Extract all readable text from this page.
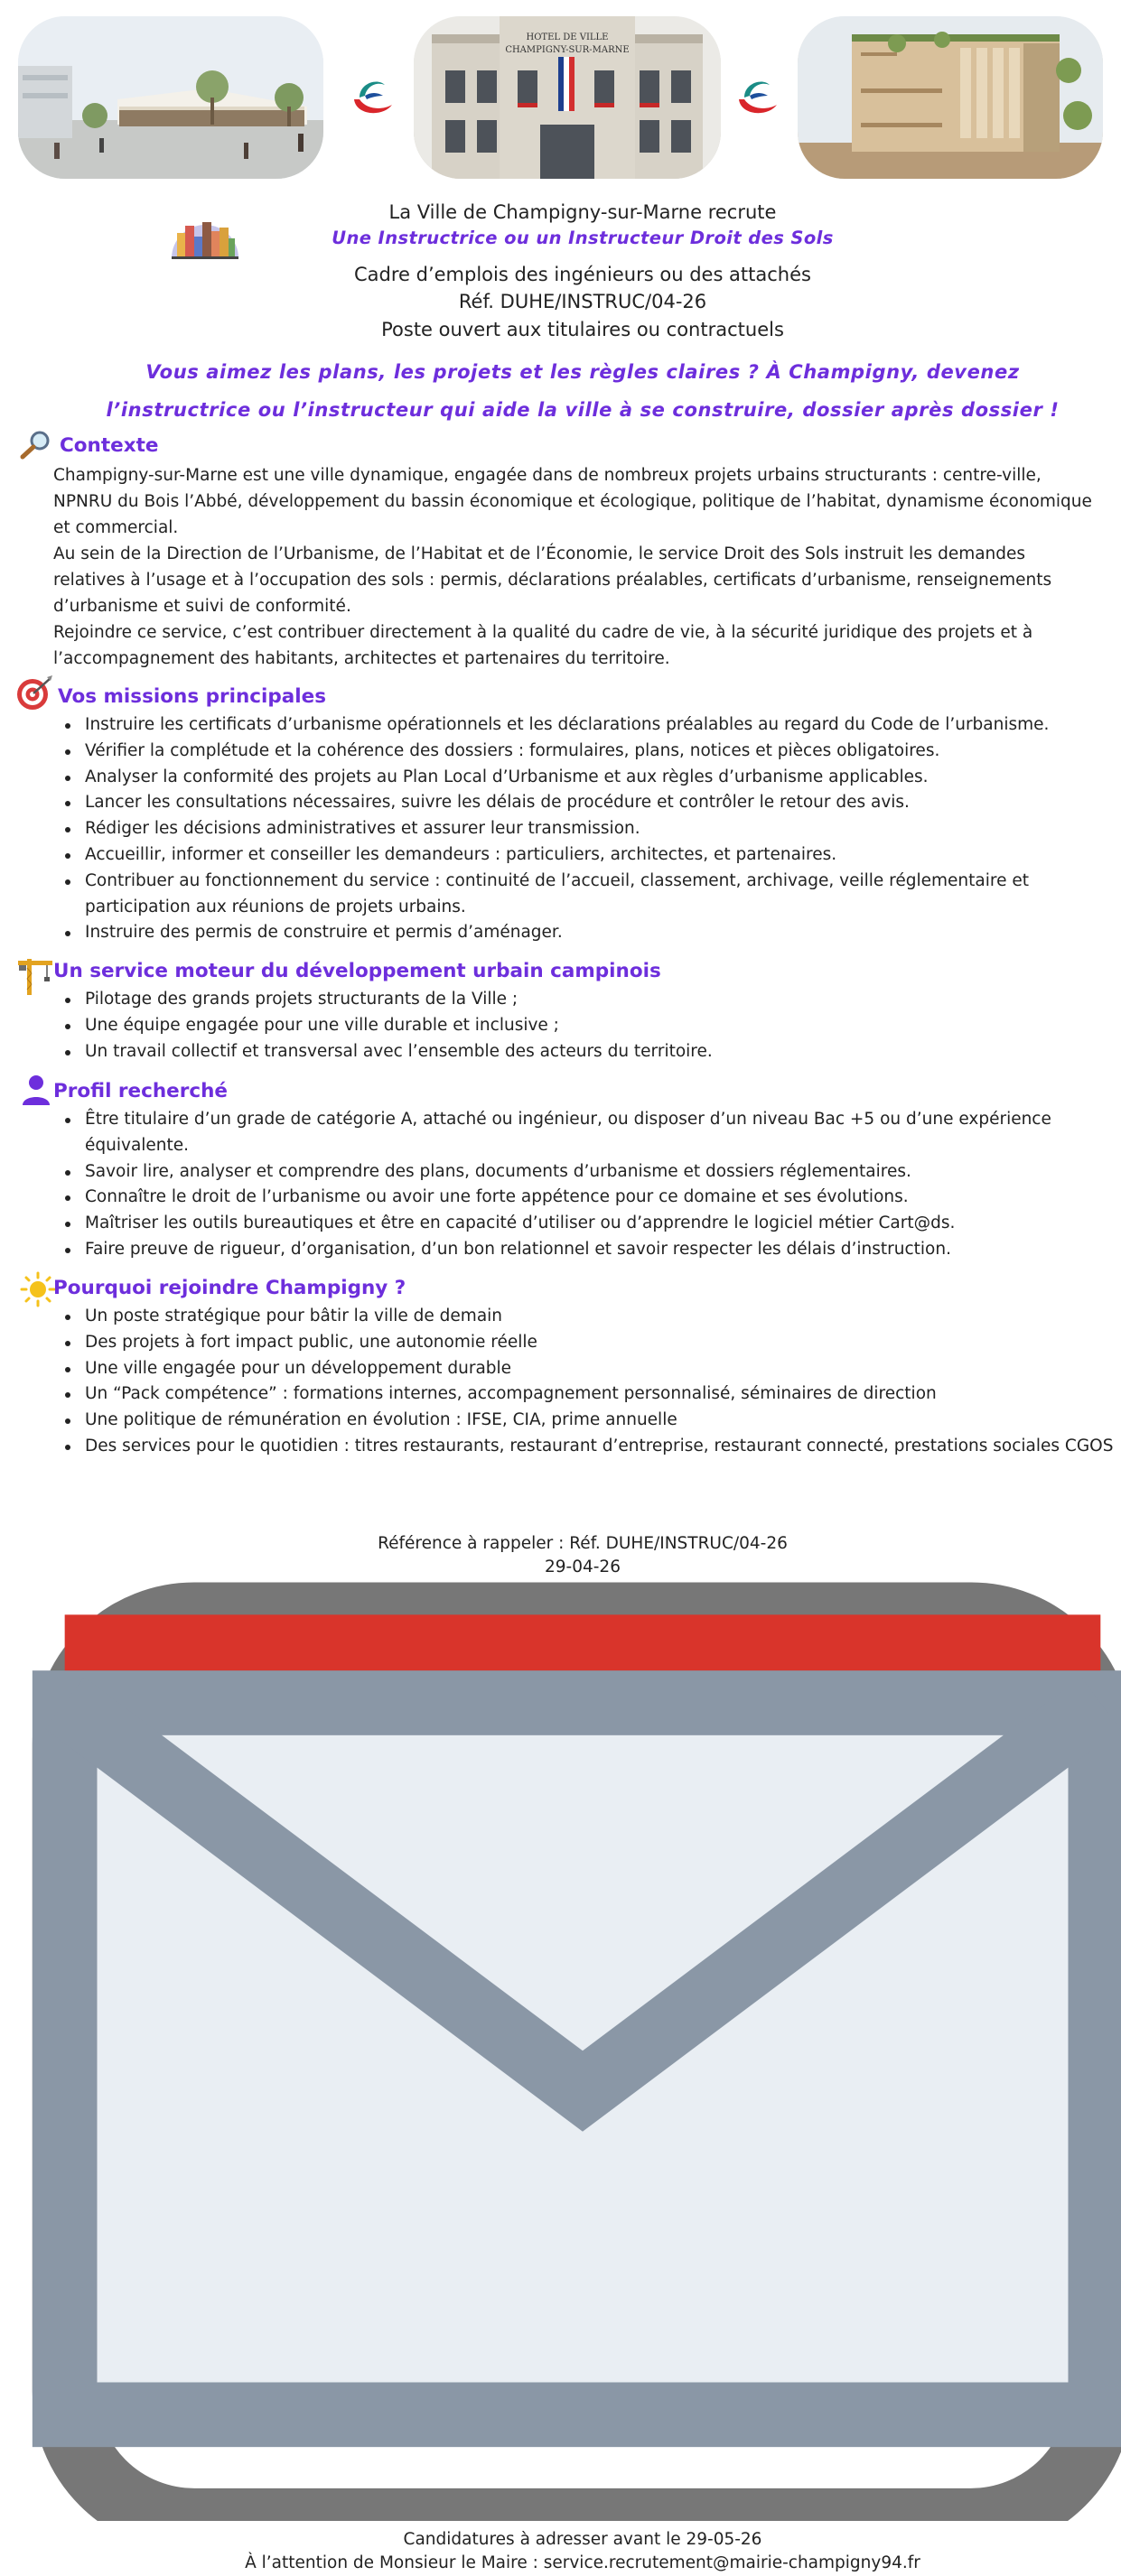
HOTEL DE VILLE
CHAMPIGNY-SUR-MARNE
La Ville de Champigny-sur-Marne recrute
Une Instructrice ou un Instructeur Droit des Sols
Cadre d’emplois des ingénieurs ou des attachés
Réf. DUHE/INSTRUC/04-26
Poste ouvert aux titulaires ou contractuels
Vous aimez les plans, les projets et les règles claires ? À Champigny, devenez
l’instructrice ou l’instructeur qui aide la ville à se construire, dossier après dossier !
Contexte
Champigny-sur-Marne est une ville dynamique, engagée dans de nombreux projets urbains structurants : centre-ville, NPNRU du Bois l’Abbé, développement du bassin économique et écologique, politique de l’habitat, dynamisme économique et commercial.
Au sein de la Direction de l’Urbanisme, de l’Habitat et de l’Économie, le service Droit des Sols instruit les demandes relatives à l’usage et à l’occupation des sols : permis, déclarations préalables, certificats d’urbanisme, renseignements d’urbanisme et suivi de conformité.
Rejoindre ce service, c’est contribuer directement à la qualité du cadre de vie, à la sécurité juridique des projets et à l’accompagnement des habitants, architectes et partenaires du territoire.
Vos missions principales
Instruire les certificats d’urbanisme opérationnels et les déclarations préalables au regard du Code de l’urbanisme.
Vérifier la complétude et la cohérence des dossiers : formulaires, plans, notices et pièces obligatoires.
Analyser la conformité des projets au Plan Local d’Urbanisme et aux règles d’urbanisme applicables.
Lancer les consultations nécessaires, suivre les délais de procédure et contrôler le retour des avis.
Rédiger les décisions administratives et assurer leur transmission.
Accueillir, informer et conseiller les demandeurs : particuliers, architectes, et partenaires.
Contribuer au fonctionnement du service : continuité de l’accueil, classement, archivage, veille réglementaire et participation aux réunions de projets urbains.
Instruire des permis de construire et permis d’aménager.
Un service moteur du développement urbain campinois
Pilotage des grands projets structurants de la Ville ;
Une équipe engagée pour une ville durable et inclusive ;
Un travail collectif et transversal avec l’ensemble des acteurs du territoire.
Profil recherché
Être titulaire d’un grade de catégorie A, attaché ou ingénieur, ou disposer d’un niveau Bac +5 ou d’une expérience équivalente.
Savoir lire, analyser et comprendre des plans, documents d’urbanisme et dossiers réglementaires.
Connaître le droit de l’urbanisme ou avoir une forte appétence pour ce domaine et ses évolutions.
Maîtriser les outils bureautiques et être en capacité d’utiliser ou d’apprendre le logiciel métier Cart@ds.
Faire preuve de rigueur, d’organisation, d’un bon relationnel et savoir respecter les délais d’instruction.
Pourquoi rejoindre Champigny ?
Un poste stratégique pour bâtir la ville de demain
Des projets à fort impact public, une autonomie réelle
Une ville engagée pour un développement durable
Un “Pack compétence” : formations internes, accompagnement personnalisé, séminaires de direction
Une politique de rémunération en évolution : IFSE, CIA, prime annuelle
Des services pour le quotidien : titres restaurants, restaurant d’entreprise, restaurant connecté, prestations sociales CGOS
Candidatures à adresser avant le 29-05-26
À l’attention de Monsieur le Maire : service.recrutement@mairie-champigny94.fr
Référence à rappeler : Réf. DUHE/INSTRUC/04-26
29-04-26
